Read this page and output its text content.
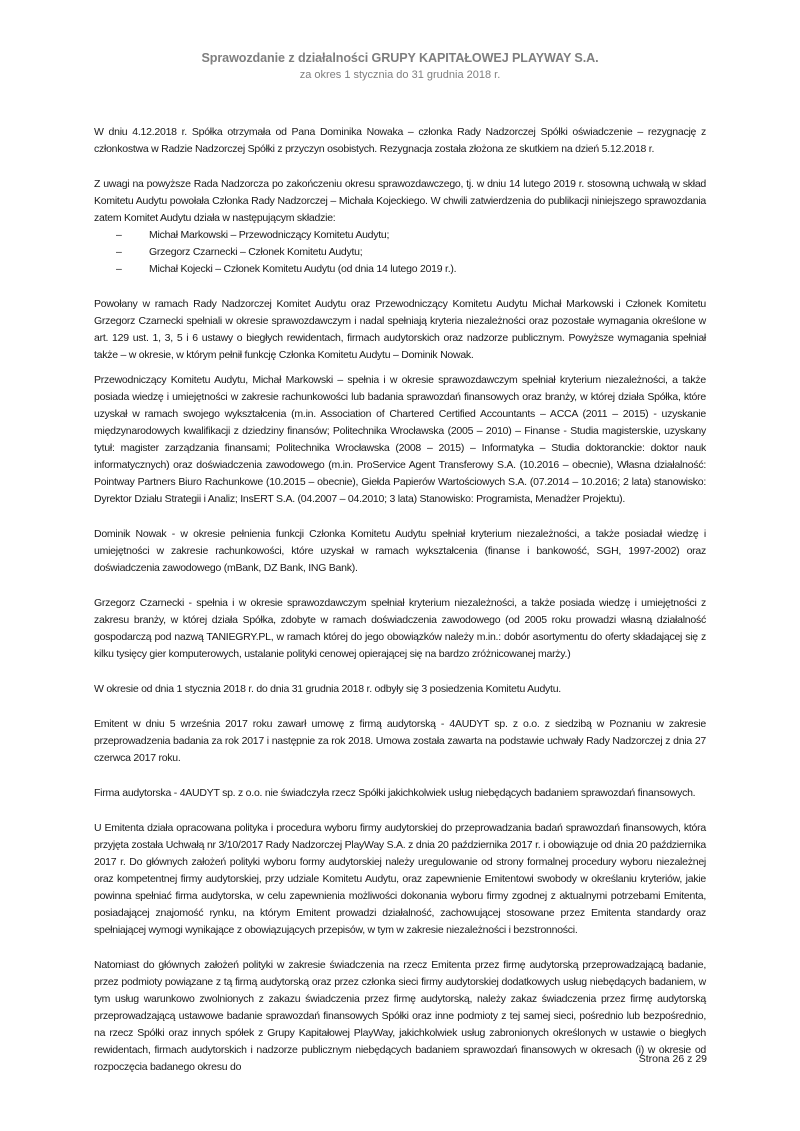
Sprawozdanie z działalności GRUPY KAPITAŁOWEJ PLAYWAY S.A.
za okres 1 stycznia do 31 grudnia 2018 r.

W dniu 4.12.2018 r. Spółka otrzymała od Pana Dominika Nowaka – członka Rady Nadzorczej Spółki oświadczenie – rezygnację z członkostwa w Radzie Nadzorczej Spółki z przyczyn osobistych. Rezygnacja została złożona ze skutkiem na dzień 5.12.2018 r.

Z uwagi na powyższe Rada Nadzorcza po zakończeniu okresu sprawozdawczego, tj. w dniu 14 lutego 2019 r. stosowną uchwałą w skład Komitetu Audytu powołała Członka Rady Nadzorczej – Michała Kojeckiego. W chwili zatwierdzenia do publikacji niniejszego sprawozdania zatem Komitet Audytu działa w następującym składzie:

–	Michał Markowski – Przewodniczący Komitetu Audytu;
–	Grzegorz Czarnecki – Członek Komitetu Audytu;
–	Michał Kojecki – Członek Komitetu Audytu (od dnia 14 lutego 2019 r.).

Powołany w ramach Rady Nadzorczej Komitet Audytu oraz Przewodniczący Komitetu Audytu Michał Markowski i Członek Komitetu Grzegorz Czarnecki spełniali w okresie sprawozdawczym i nadal spełniają kryteria niezależności oraz pozostałe wymagania określone w art. 129 ust. 1, 3, 5 i 6 ustawy o biegłych rewidentach, firmach audytorskich oraz nadzorze publicznym. Powyższe wymagania spełniał także – w okresie, w którym pełnił funkcję Członka Komitetu Audytu – Dominik Nowak.

Przewodniczący Komitetu Audytu, Michał Markowski – spełnia i w okresie sprawozdawczym spełniał kryterium niezależności, a także posiada wiedzę i umiejętności w zakresie rachunkowości lub badania sprawozdań finansowych oraz branży, w której działa Spółka, które uzyskał w ramach swojego wykształcenia (m.in. Association of Chartered Certified Accountants – ACCA (2011 – 2015) - uzyskanie międzynarodowych kwalifikacji z dziedziny finansów; Politechnika Wrocławska (2005 – 2010) – Finanse - Studia magisterskie, uzyskany tytuł: magister zarządzania finansami; Politechnika Wrocławska (2008 – 2015) – Informatyka – Studia doktoranckie: doktor nauk informatycznych) oraz doświadczenia zawodowego (m.in. ProService Agent Transferowy S.A. (10.2016 – obecnie), Własna działalność: Pointway Partners Biuro Rachunkowe (10.2015 – obecnie), Giełda Papierów Wartościowych S.A. (07.2014 – 10.2016; 2 lata) stanowisko: Dyrektor Działu Strategii i Analiz; InsERT S.A. (04.2007 – 04.2010; 3 lata) Stanowisko: Programista, Menadżer Projektu).

Dominik Nowak - w okresie pełnienia funkcji Członka Komitetu Audytu spełniał kryterium niezależności, a także posiadał wiedzę i umiejętności w zakresie rachunkowości, które uzyskał w ramach wykształcenia (finanse i bankowość, SGH, 1997-2002) oraz doświadczenia zawodowego (mBank, DZ Bank, ING Bank).

Grzegorz Czarnecki - spełnia i w okresie sprawozdawczym spełniał kryterium niezależności, a także posiada wiedzę i umiejętności z zakresu branży, w której działa Spółka, zdobyte w ramach doświadczenia zawodowego (od 2005 roku prowadzi własną działalność gospodarczą pod nazwą TANIEGRY.PL, w ramach której do jego obowiązków należy m.in.: dobór asortymentu do oferty składającej się z kilku tysięcy gier komputerowych, ustalanie polityki cenowej opierającej się na bardzo zróżnicowanej marży.)

W okresie od dnia 1 stycznia 2018 r. do dnia 31 grudnia 2018 r. odbyły się 3 posiedzenia Komitetu Audytu.

Emitent w dniu 5 września 2017 roku zawarł umowę z firmą audytorską - 4AUDYT sp. z o.o. z siedzibą w Poznaniu w zakresie przeprowadzenia badania za rok 2017 i następnie za rok 2018. Umowa została zawarta na podstawie uchwały Rady Nadzorczej z dnia 27 czerwca 2017 roku.

Firma audytorska - 4AUDYT sp. z o.o. nie świadczyła rzecz Spółki jakichkolwiek usług niebędących badaniem sprawozdań finansowych.

U Emitenta działa opracowana polityka i procedura wyboru firmy audytorskiej do przeprowadzania badań sprawozdań finansowych, która przyjęta została Uchwałą nr 3/10/2017 Rady Nadzorczej PlayWay S.A. z dnia 20 października 2017 r. i obowiązuje od dnia 20 października 2017 r. Do głównych założeń polityki wyboru formy audytorskiej należy uregulowanie od strony formalnej procedury wyboru niezależnej oraz kompetentnej firmy audytorskiej, przy udziale Komitetu Audytu, oraz zapewnienie Emitentowi swobody w określaniu kryteriów, jakie powinna spełniać firma audytorska, w celu zapewnienia możliwości dokonania wyboru firmy zgodnej z aktualnymi potrzebami Emitenta, posiadającej znajomość rynku, na którym Emitent prowadzi działalność, zachowującej stosowane przez Emitenta standardy oraz spełniającej wymogi wynikające z obowiązujących przepisów, w tym w zakresie niezależności i bezstronności.

Natomiast do głównych założeń polityki w zakresie świadczenia na rzecz Emitenta przez firmę audytorską przeprowadzającą badanie, przez podmioty powiązane z tą firmą audytorską oraz przez członka sieci firmy audytorskiej dodatkowych usług niebędących badaniem, w tym usług warunkowo zwolnionych z zakazu świadczenia przez firmę audytorską, należy zakaz świadczenia przez firmę audytorską przeprowadzającą ustawowe badanie sprawozdań finansowych Spółki oraz inne podmioty z tej samej sieci, pośrednio lub bezpośrednio, na rzecz Spółki oraz innych spółek z Grupy Kapitałowej PlayWay, jakichkolwiek usług zabronionych określonych w ustawie o biegłych rewidentach, firmach audytorskich i nadzorze publicznym niebędących badaniem sprawozdań finansowych w okresach (i) w okresie od rozpoczęcia badanego okresu do

Strona 26 z 29
